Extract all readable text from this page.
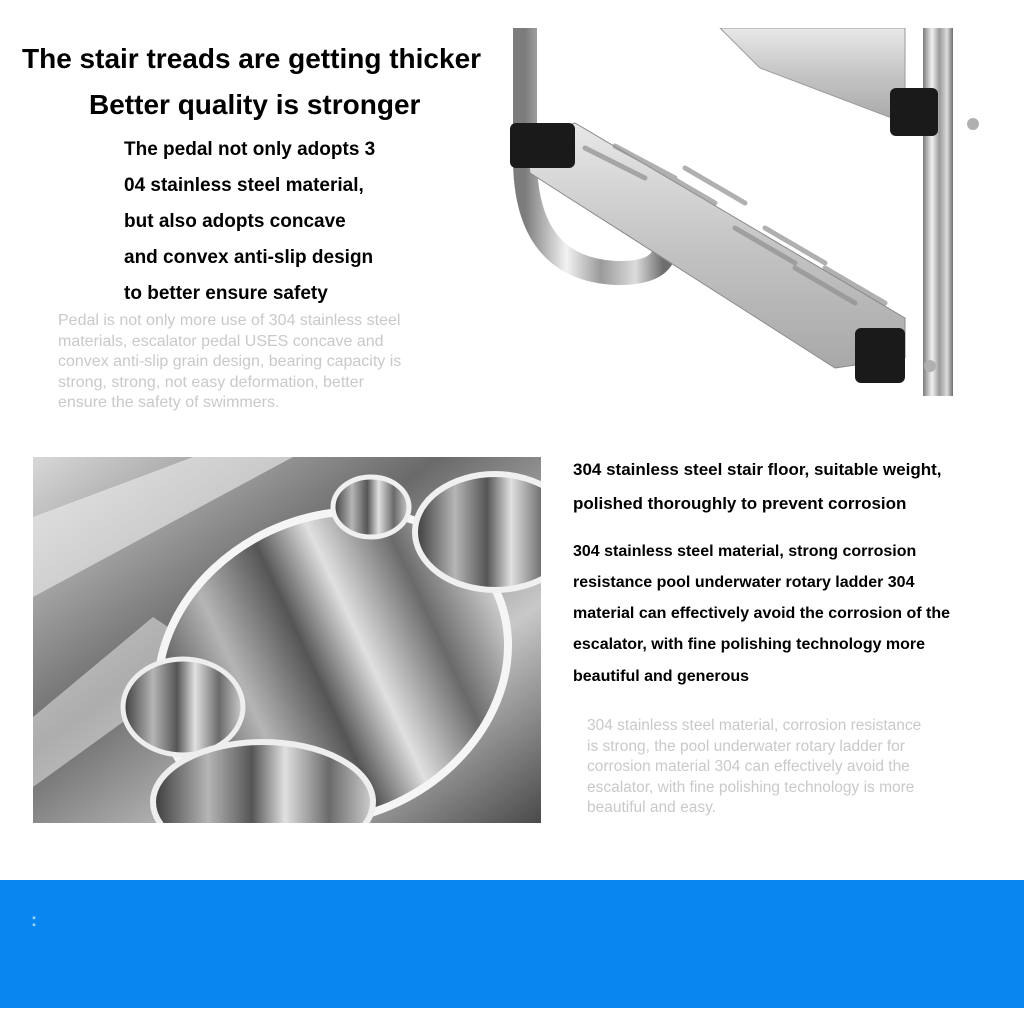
The stair treads are getting thicker
Better quality is stronger
The pedal not only adopts 3
04 stainless steel material,
but also adopts concave
and convex anti-slip design
to better ensure safety
Pedal is not only more use of 304 stainless steel
materials, escalator pedal USES concave and
convex anti-slip grain design, bearing capacity is
strong, strong, not easy deformation, better
ensure the safety of swimmers.
304 stainless steel stair floor, suitable weight,
polished thoroughly to prevent corrosion
304 stainless steel material, strong corrosion
resistance pool underwater rotary ladder 304
material can effectively avoid the corrosion of the
escalator, with fine polishing technology more
beautiful and generous
304 stainless steel material, corrosion resistance
is strong, the pool underwater rotary ladder for
corrosion material 304 can effectively avoid the
escalator, with fine polishing technology is more
beautiful and easy.
:
